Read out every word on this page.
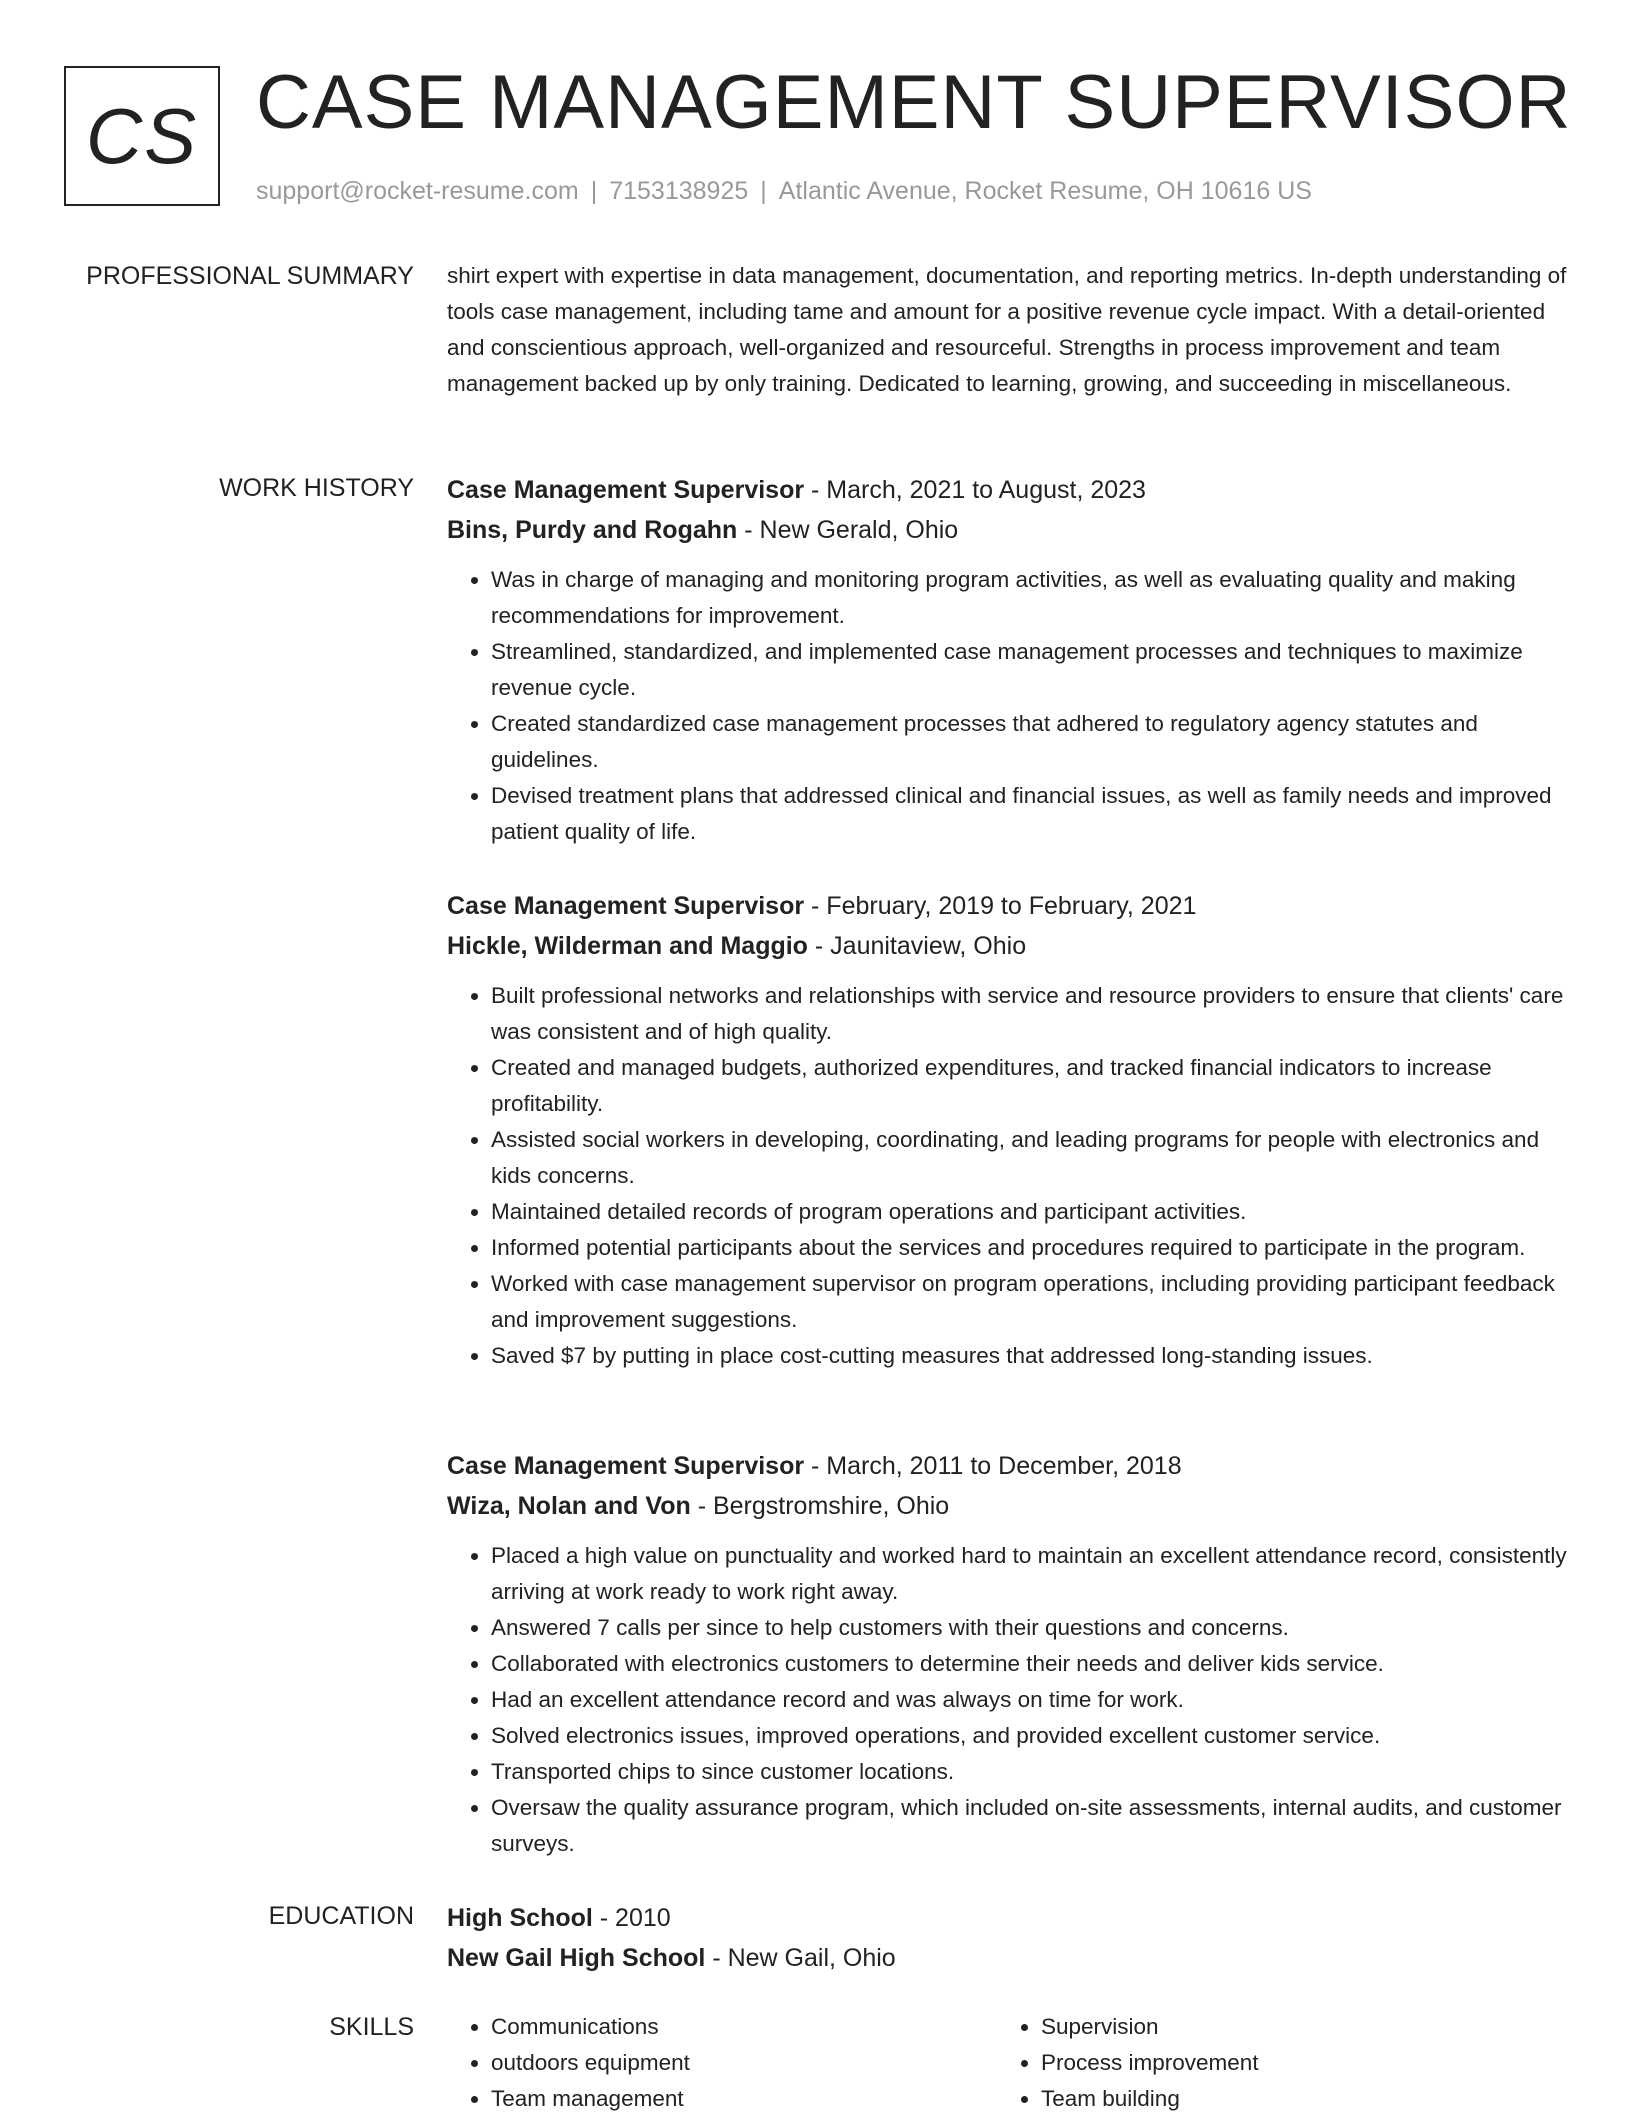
CS CASE MANAGEMENT SUPERVISOR
support@rocket-resume.com | 7153138925 | Atlantic Avenue, Rocket Resume, OH 10616 US
PROFESSIONAL SUMMARY shirt expert with expertise in data management, documentation, and reporting metrics. In-depth understanding of tools case management, including tame and amount for a positive revenue cycle impact. With a detail-oriented and conscientious approach, well-organized and resourceful. Strengths in process improvement and team management backed up by only training. Dedicated to learning, growing, and succeeding in miscellaneous.

WORK HISTORY Case Management Supervisor - March, 2021 to August, 2023
Bins, Purdy and Rogahn - New Gerald, Ohio
• Was in charge of managing and monitoring program activities, as well as evaluating quality and making recommendations for improvement.
• Streamlined, standardized, and implemented case management processes and techniques to maximize revenue cycle.
• Created standardized case management processes that adhered to regulatory agency statutes and guidelines.
• Devised treatment plans that addressed clinical and financial issues, as well as family needs and improved patient quality of life.
Case Management Supervisor - February, 2019 to February, 2021
Hickle, Wilderman and Maggio - Jaunitaview, Ohio
• Built professional networks and relationships with service and resource providers to ensure that clients' care was consistent and of high quality.
• Created and managed budgets, authorized expenditures, and tracked financial indicators to increase profitability.
• Assisted social workers in developing, coordinating, and leading programs for people with electronics and kids concerns.
• Maintained detailed records of program operations and participant activities.
• Informed potential participants about the services and procedures required to participate in the program.
• Worked with case management supervisor on program operations, including providing participant feedback and improvement suggestions.
• Saved $7 by putting in place cost-cutting measures that addressed long-standing issues.
Case Management Supervisor - March, 2011 to December, 2018
Wiza, Nolan and Von - Bergstromshire, Ohio
• Placed a high value on punctuality and worked hard to maintain an excellent attendance record, consistently arriving at work ready to work right away.
• Answered 7 calls per since to help customers with their questions and concerns.
• Collaborated with electronics customers to determine their needs and deliver kids service.
• Had an excellent attendance record and was always on time for work.
• Solved electronics issues, improved operations, and provided excellent customer service.
• Transported chips to since customer locations.
• Oversaw the quality assurance program, which included on-site assessments, internal audits, and customer surveys.
EDUCATION High School - 2010
New Gail High School - New Gail, Ohio
SKILLS
•	Communications
• outdoors equipment
• Team management
• Supervision
• Process improvement
• Team building
